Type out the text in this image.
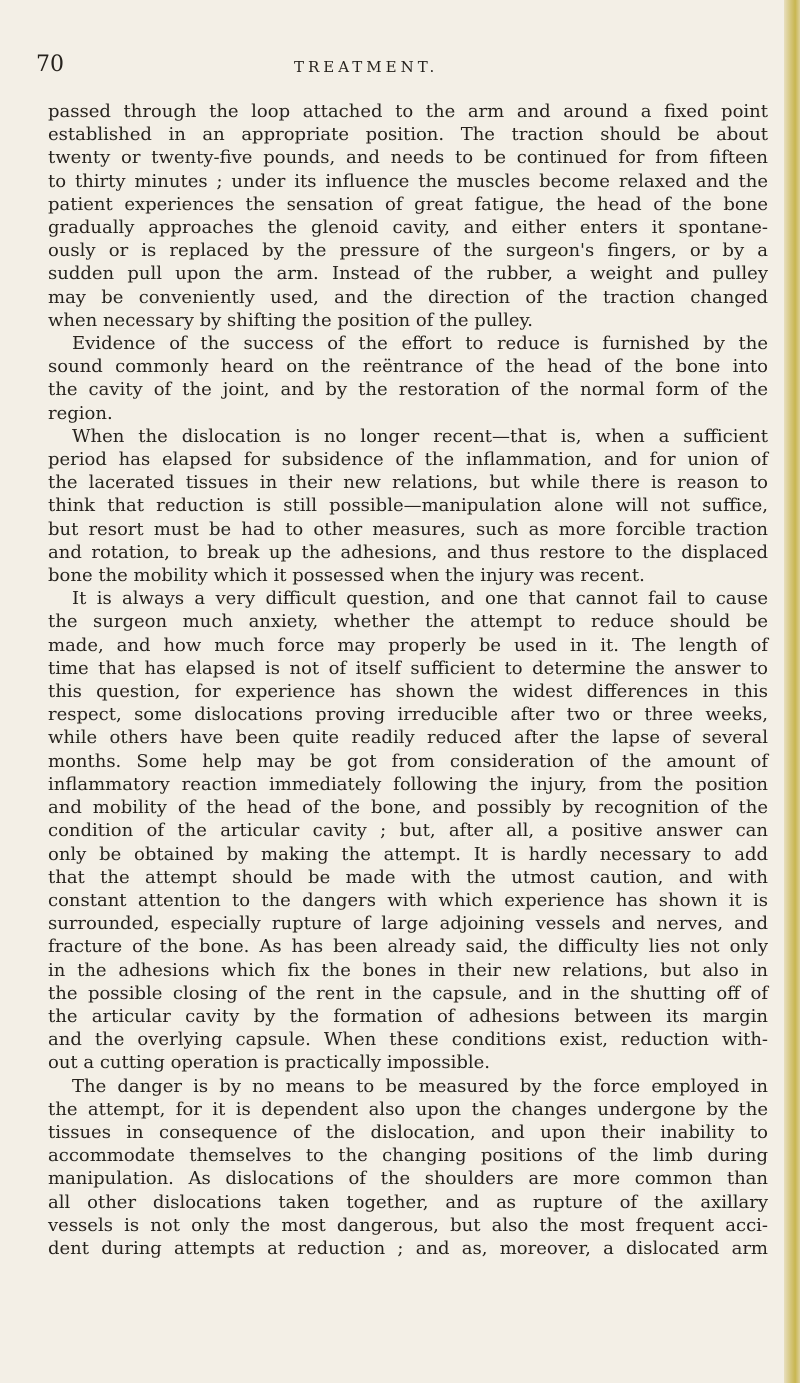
70	TREATMENT.
passed through the loop attached to the arm and around a fixed point
established in an appropriate position. The traction should be about
twenty or twenty-five pounds, and needs to be continued for from fifteen
to thirty minutes ; under its influence the muscles become relaxed and the
patient experiences the sensation of great fatigue, the head of the bone
gradually approaches the glenoid cavity, and either enters it spontane-
ously or is replaced by the pressure of the surgeon's fingers, or by a
sudden pull upon the arm. Instead of the rubber, a weight and pulley
may be conveniently used, and the direction of the traction changed
when necessary by shifting the position of the pulley.
Evidence of the success of the effort to reduce is furnished by the
sound commonly heard on the reëntrance of the head of the bone into
the cavity of the joint, and by the restoration of the normal form of the
region.
When the dislocation is no longer recent—that is, when a sufficient
period has elapsed for subsidence of the inflammation, and for union of
the lacerated tissues in their new relations, but while there is reason to
think that reduction is still possible—manipulation alone will not suffice,
but resort must be had to other measures, such as more forcible traction
and rotation, to break up the adhesions, and thus restore to the displaced
bone the mobility which it possessed when the injury was recent.
It is always a very difficult question, and one that cannot fail to cause
the surgeon much anxiety, whether the attempt to reduce should be
made, and how much force may properly be used in it. The length of
time that has elapsed is not of itself sufficient to determine the answer to
this question, for experience has shown the widest differences in this
respect, some dislocations proving irreducible after two or three weeks,
while others have been quite readily reduced after the lapse of several
months. Some help may be got from consideration of the amount of
inflammatory reaction immediately following the injury, from the position
and mobility of the head of the bone, and possibly by recognition of the
condition of the articular cavity ; but, after all, a positive answer can
only be obtained by making the attempt. It is hardly necessary to add
that the attempt should be made with the utmost caution, and with
constant attention to the dangers with which experience has shown it is
surrounded, especially rupture of large adjoining vessels and nerves, and
fracture of the bone. As has been already said, the difficulty lies not only
in the adhesions which fix the bones in their new relations, but also in
the possible closing of the rent in the capsule, and in the shutting off of
the articular cavity by the formation of adhesions between its margin
and the overlying capsule. When these conditions exist, reduction with-
out a cutting operation is practically impossible.
The danger is by no means to be measured by the force employed in
the attempt, for it is dependent also upon the changes undergone by the
tissues in consequence of the dislocation, and upon their inability to
accommodate themselves to the changing positions of the limb during
manipulation. As dislocations of the shoulders are more common than
all other dislocations taken together, and as rupture of the axillary
vessels is not only the most dangerous, but also the most frequent acci-
dent during attempts at reduction ; and as, moreover, a dislocated arm
